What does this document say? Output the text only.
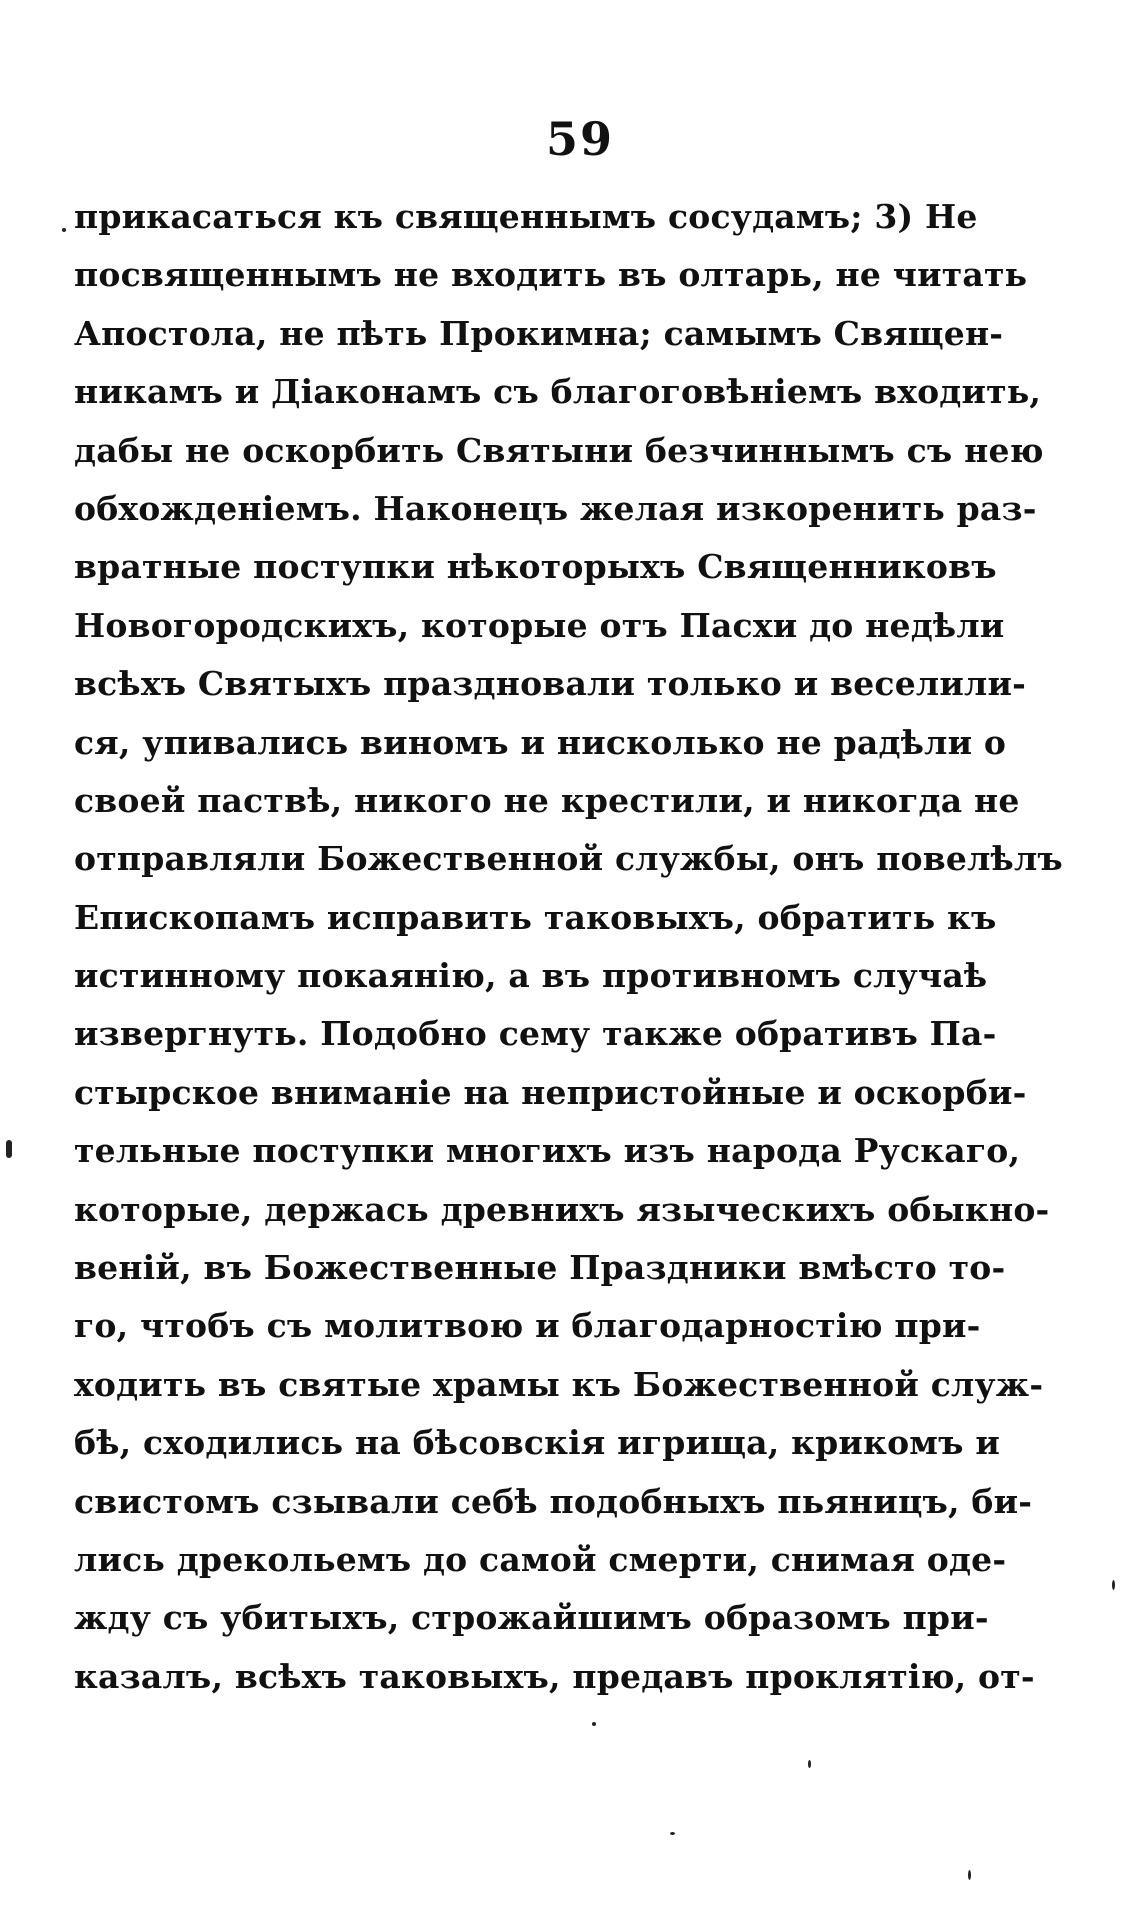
59
прикасаться къ священнымъ сосудамъ; 3) Не
посвященнымъ не входить въ олтарь, не читать
Апостола, не пѣть Прокимна; самымъ Священ-
никамъ и Діаконамъ съ благоговѣніемъ входить,
дабы не оскорбить Святыни безчиннымъ съ нею
обхожденіемъ. Наконецъ желая изкоренить раз-
вратные поступки нѣкоторыхъ Священниковъ
Новогородскихъ, которые отъ Пасхи до недѣли
всѣхъ Святыхъ праздновали только и веселили-
ся, упивались виномъ и нисколько не радѣли о
своей паствѣ, никого не крестили, и никогда не
отправляли Божественной службы, онъ повелѣлъ
Епископамъ исправить таковыхъ, обратить къ
истинному покаянію, а въ противномъ случаѣ
извергнуть. Подобно сему также обративъ Па-
стырское вниманіе на непристойные и оскорби-
тельные поступки многихъ изъ народа Рускаго,
которые, держась древнихъ языческихъ обыкно-
веній, въ Божественные Праздники вмѣсто то-
го, чтобъ съ молитвою и благодарностію при-
ходить въ святые храмы къ Божественной служ-
бѣ, сходились на бѣсовскія игрища, крикомъ и
свистомъ сзывали себѣ подобныхъ пьяницъ, би-
лись дрекольемъ до самой смерти, снимая оде-
жду съ убитыхъ, строжайшимъ образомъ при-
казалъ, всѣхъ таковыхъ, предавъ проклятію, от-
